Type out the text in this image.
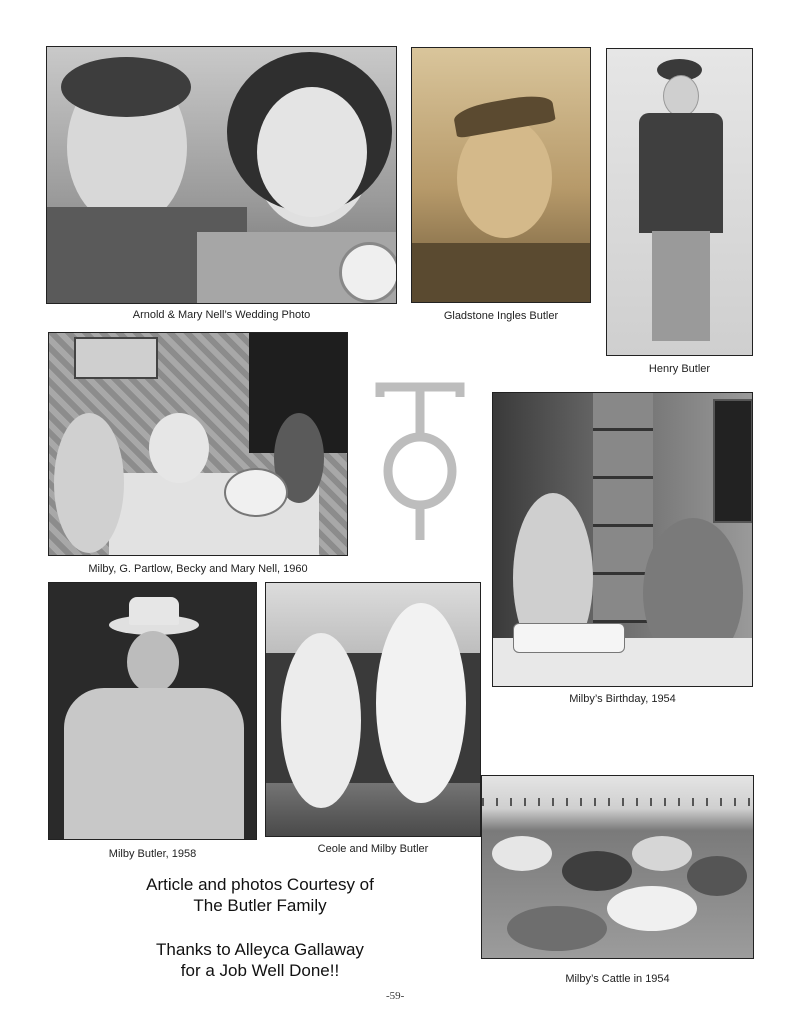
Arnold & Mary Nell’s Wedding Photo	Gladstone Ingles Butler
Henry Butler
Milby, G. Partlow, Becky and Mary Nell, 1960
Milby’s Birthday, 1954
Milby Butler, 1958	Ceole and Milby Butler
Milby’s Cattle in 1954
Article and photos Courtesy of
The Butler Family
Thanks to Alleyca Gallaway
for a Job Well Done!!
-59-
